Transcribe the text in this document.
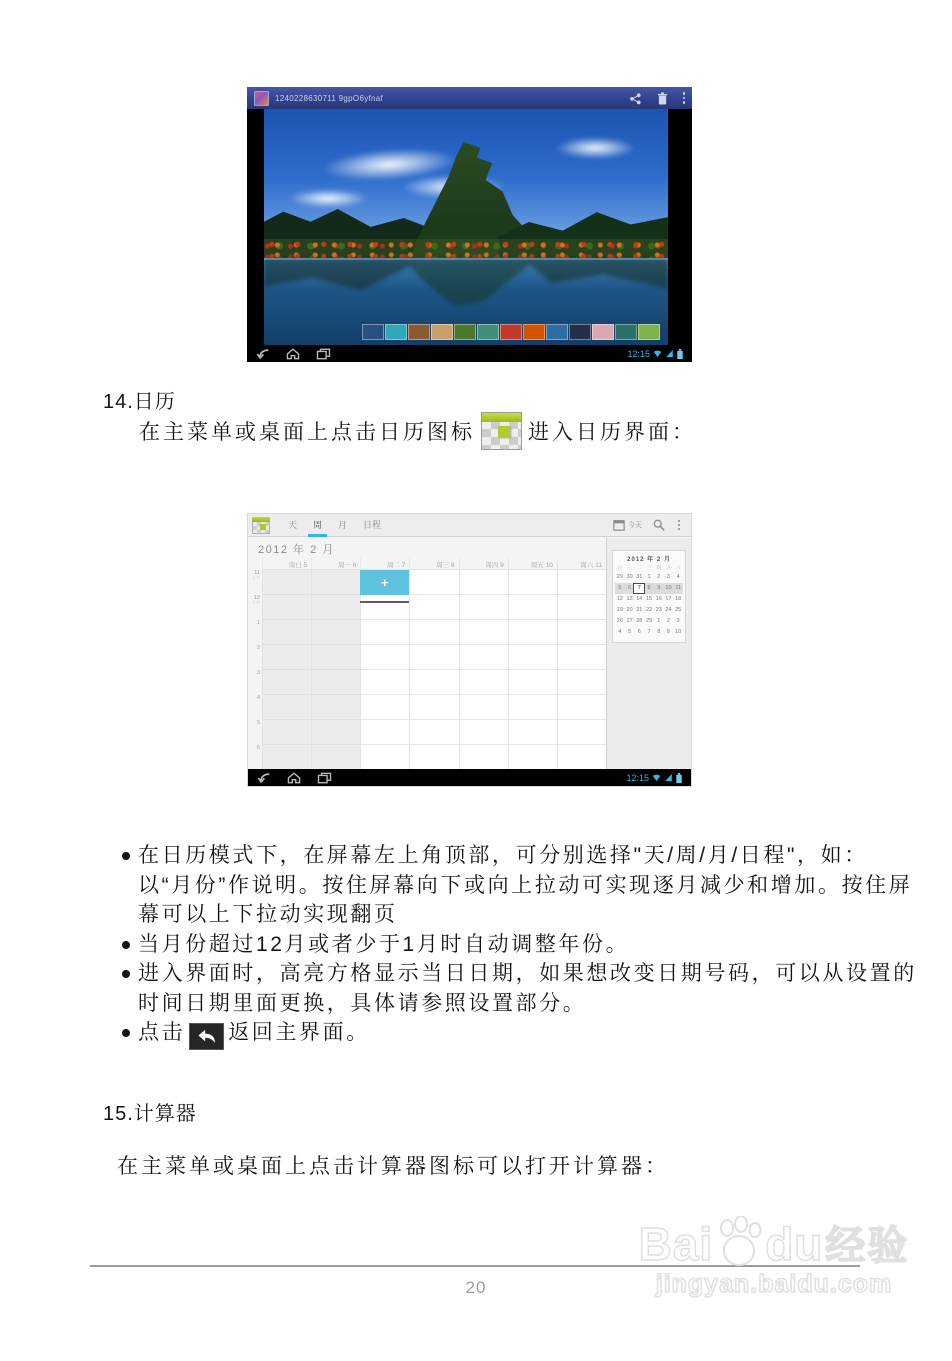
1240228630711 9gpO6yfnaf
12:15
14.日历

在主菜单或桌面上点击日历图标	进入日历界面：

天	周	月	日程	今天
2012 年 2 月
周日 5	周一 6	周二 7	周三 8	周四 9	周五 10	周六 11
11
上午
12
下午
1
2
3
4
5
6
+
2012 年 2 月
日	一	二	三	四	五	六
29 30 31 1	2	3	4
5	6	7	8	9 10 11
12 13 14 15 16 17 18
19 20 21 22 23 24 25
26 27 28 29 1	2	3
4	5	6	7	8	9 10
12:15
在日历模式下，在屏幕左上角顶部，可分别选择"天/周/月/日程"，如：以“月份”作说明。按住屏幕向下或向上拉动可实现逐月减少和增加。按住屏幕可以上下拉动实现翻页
当月份超过12月或者少于1月时自动调整年份。
进入界面时，高亮方格显示当日日期，如果想改变日期号码，可以从设置的时间日期里面更换，具体请参照设置部分。
点击 返回主界面。
15.计算器

在主菜单或桌面上点击计算器图标可以打开计算器：

20
Bai du 经验
jingyan.baidu.com
